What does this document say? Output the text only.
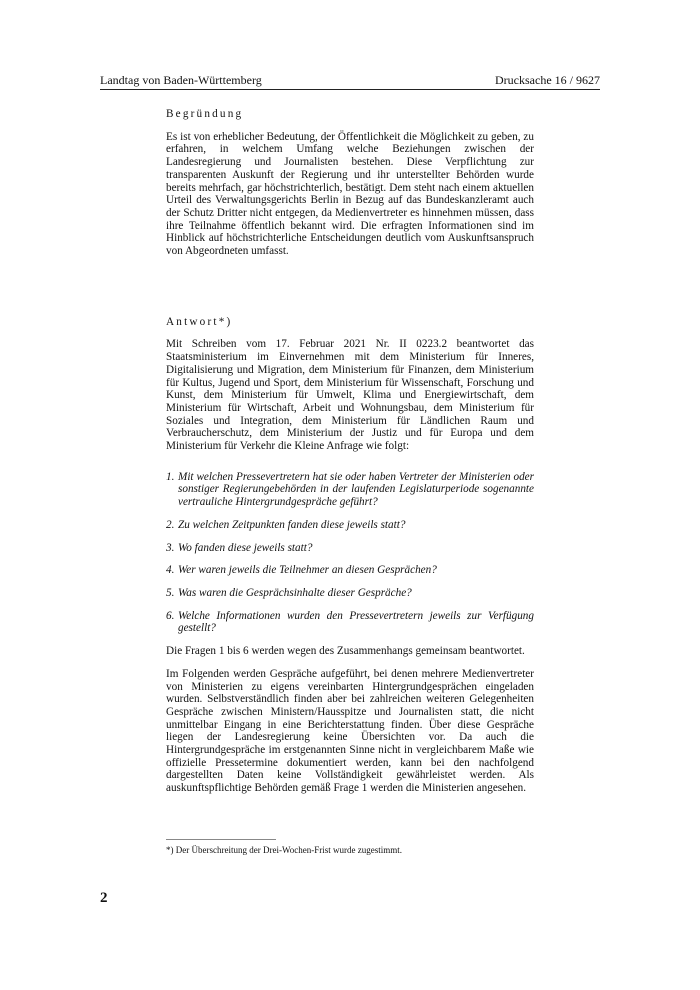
Landtag von Baden-Württemberg	Drucksache 16 / 9627
Begründung

Es ist von erheblicher Bedeutung, der Öffentlichkeit die Möglichkeit zu geben, zu erfahren, in welchem Umfang welche Beziehungen zwischen der Landesregierung und Journalisten bestehen. Diese Verpflichtung zur transparenten Auskunft der Regierung und ihr unterstellter Behörden wurde bereits mehrfach, gar höchstrichterlich, bestätigt. Dem steht nach einem aktuellen Urteil des Verwaltungsgerichts Berlin in Bezug auf das Bundeskanzleramt auch der Schutz Dritter nicht entgegen, da Medienvertreter es hinnehmen müssen, dass ihre Teilnahme öffentlich bekannt wird. Die erfragten Informationen sind im Hinblick auf höchstrichterliche Entscheidungen deutlich vom Auskunftsanspruch von Abgeordneten umfasst.

Antwort*)

Mit Schreiben vom 17. Februar 2021 Nr. II 0223.2 beantwortet das Staatsministerium im Einvernehmen mit dem Ministerium für Inneres, Digitalisierung und Migration, dem Ministerium für Finanzen, dem Ministerium für Kultus, Jugend und Sport, dem Ministerium für Wissenschaft, Forschung und Kunst, dem Ministerium für Umwelt, Klima und Energiewirtschaft, dem Ministerium für Wirtschaft, Arbeit und Wohnungsbau, dem Ministerium für Soziales und Integration, dem Ministerium für Ländlichen Raum und Verbraucherschutz, dem Ministerium der Justiz und für Europa und dem Ministerium für Verkehr die Kleine Anfrage wie folgt:

1. Mit welchen Pressevertretern hat sie oder haben Vertreter der Ministerien oder sonstiger Regierungebehörden in der laufenden Legislaturperiode sogenannte vertrauliche Hintergrundgespräche geführt?
2. Zu welchen Zeitpunkten fanden diese jeweils statt?
3. Wo fanden diese jeweils statt?
4. Wer waren jeweils die Teilnehmer an diesen Gesprächen?
5. Was waren die Gesprächsinhalte dieser Gespräche?
6. Welche Informationen wurden den Pressevertretern jeweils zur Verfügung gestellt?

Die Fragen 1 bis 6 werden wegen des Zusammenhangs gemeinsam beantwortet.

Im Folgenden werden Gespräche aufgeführt, bei denen mehrere Medienvertreter von Ministerien zu eigens vereinbarten Hintergrundgesprächen eingeladen wurden. Selbstverständlich finden aber bei zahlreichen weiteren Gelegenheiten Gespräche zwischen Ministern/Hausspitze und Journalisten statt, die nicht unmittelbar Eingang in eine Berichterstattung finden. Über diese Gespräche liegen der Landesregierung keine Übersichten vor. Da auch die Hintergrundgespräche im erstgenannten Sinne nicht in vergleichbarem Maße wie offizielle Pressetermine dokumentiert werden, kann bei den nachfolgend dargestellten Daten keine Vollständigkeit gewährleistet werden. Als auskunftspflichtige Behörden gemäß Frage 1 werden die Ministerien angesehen.

*) Der Überschreitung der Drei-Wochen-Frist wurde zugestimmt.
2
